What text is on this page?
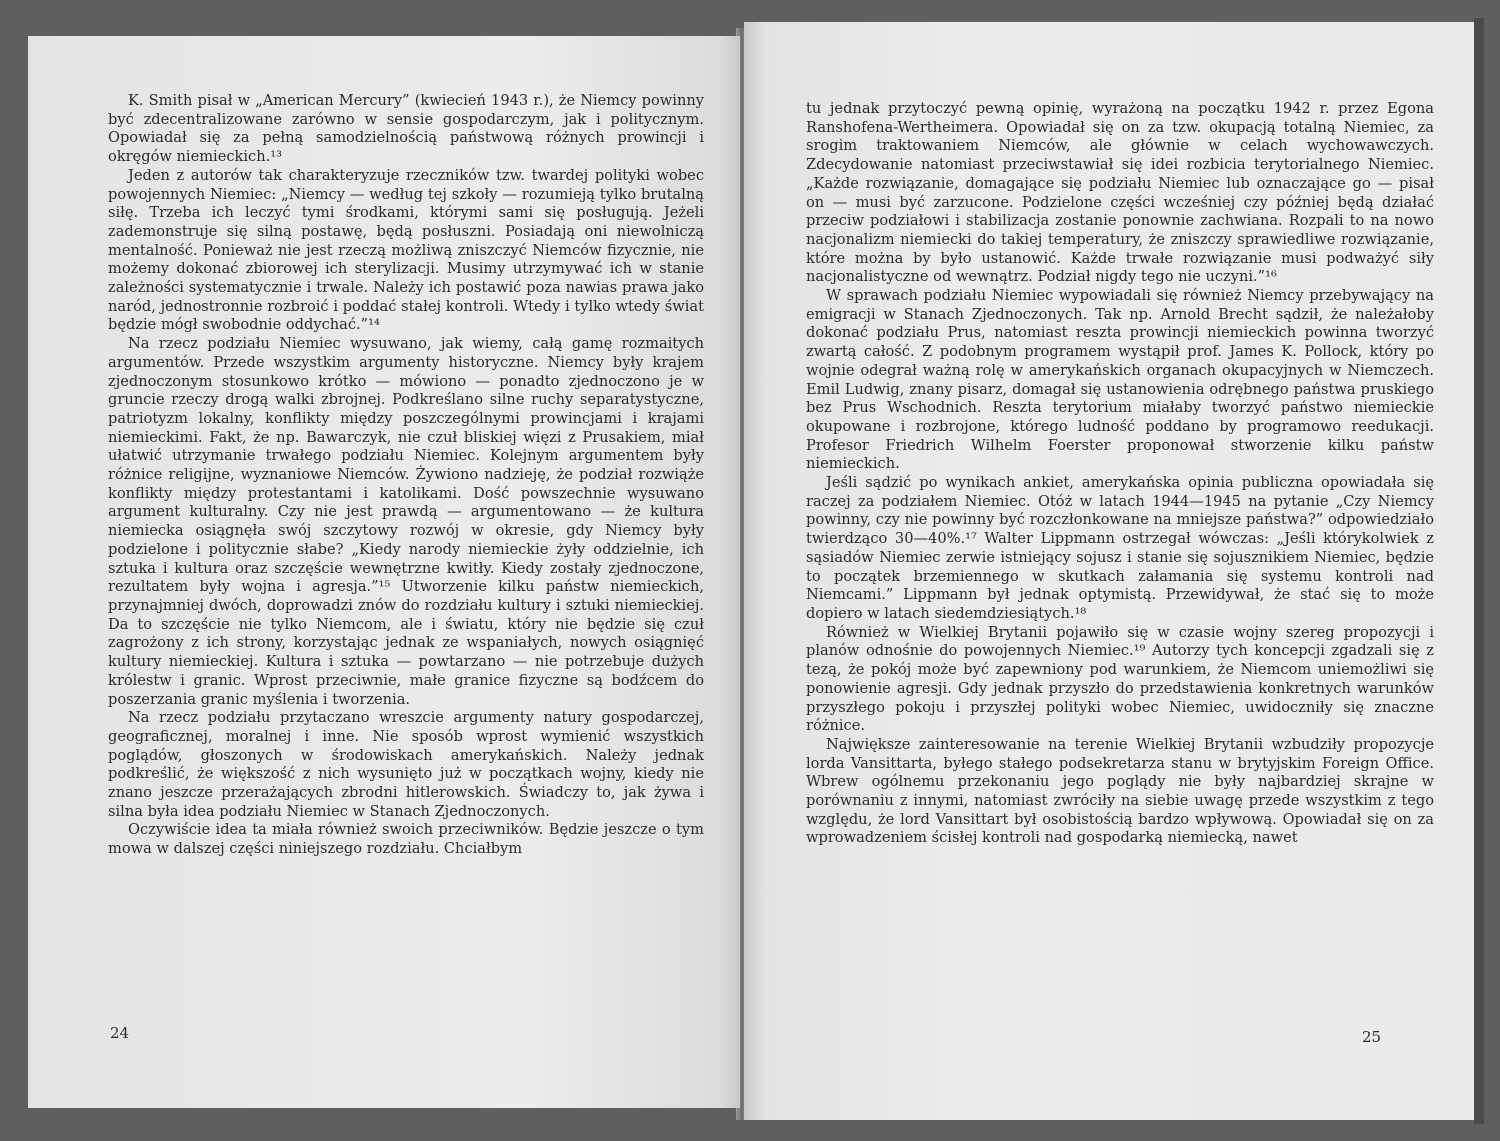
K. Smith pisał w „American Mercury” (kwiecień 1943 r.), że Niemcy powinny być zdecentralizowane zarówno w sensie gospodarczym, jak i politycznym. Opowiadał się za pełną samodzielnością państwową różnych prowincji i okręgów niemieckich.¹³

Jeden z autorów tak charakteryzuje rzeczników tzw. twardej polityki wobec powojennych Niemiec: „Niemcy — według tej szkoły — rozumieją tylko brutalną siłę. Trzeba ich leczyć tymi środkami, którymi sami się posługują. Jeżeli zademonstruje się silną postawę, będą posłuszni. Posiadają oni niewolniczą mentalność. Ponieważ nie jest rzeczą możliwą zniszczyć Niemców fizycznie, nie możemy dokonać zbiorowej ich sterylizacji. Musimy utrzymywać ich w stanie zależności systematycznie i trwale. Należy ich postawić poza nawias prawa jako naród, jednostronnie rozbroić i poddać stałej kontroli. Wtedy i tylko wtedy świat będzie mógł swobodnie oddychać.”¹⁴

Na rzecz podziału Niemiec wysuwano, jak wiemy, całą gamę rozmaitych argumentów. Przede wszystkim argumenty historyczne. Niemcy były krajem zjednoczonym stosunkowo krótko — mówiono — ponadto zjednoczono je w gruncie rzeczy drogą walki zbrojnej. Podkreślano silne ruchy separatystyczne, patriotyzm lokalny, konflikty między poszczególnymi prowincjami i krajami niemieckimi. Fakt, że np. Bawarczyk, nie czuł bliskiej więzi z Prusakiem, miał ułatwić utrzymanie trwałego podziału Niemiec. Kolejnym argumentem były różnice religijne, wyznaniowe Niemców. Żywiono nadzieję, że podział rozwiąże konflikty między protestantami i katolikami. Dość powszechnie wysuwano argument kulturalny. Czy nie jest prawdą — argumentowano — że kultura niemiecka osiągnęła swój szczytowy rozwój w okresie, gdy Niemcy były podzielone i politycznie słabe? „Kiedy narody niemieckie żyły oddzielnie, ich sztuka i kultura oraz szczęście wewnętrzne kwitły. Kiedy zostały zjednoczone, rezultatem były wojna i agresja.”¹⁵ Utworzenie kilku państw niemieckich, przynajmniej dwóch, doprowadzi znów do rozdziału kultury i sztuki niemieckiej. Da to szczęście nie tylko Niemcom, ale i światu, który nie będzie się czuł zagrożony z ich strony, korzystając jednak ze wspaniałych, nowych osiągnięć kultury niemieckiej. Kultura i sztuka — powtarzano — nie potrzebuje dużych królestw i granic. Wprost przeciwnie, małe granice fizyczne są bodźcem do poszerzania granic myślenia i tworzenia.

Na rzecz podziału przytaczano wreszcie argumenty natury gospodarczej, geograficznej, moralnej i inne. Nie sposób wprost wymienić wszystkich poglądów, głoszonych w środowiskach amerykańskich. Należy jednak podkreślić, że większość z nich wysunięto już w początkach wojny, kiedy nie znano jeszcze przerażających zbrodni hitlerowskich. Świadczy to, jak żywa i silna była idea podziału Niemiec w Stanach Zjednoczonych.

Oczywiście idea ta miała również swoich przeciwników. Będzie jeszcze o tym mowa w dalszej części niniejszego rozdziału. Chciałbym

24

tu jednak przytoczyć pewną opinię, wyrażoną na początku 1942 r. przez Egona Ranshofena-Wertheimera. Opowiadał się on za tzw. okupacją totalną Niemiec, za srogim traktowaniem Niemców, ale głównie w celach wychowawczych. Zdecydowanie natomiast przeciwstawiał się idei rozbicia terytorialnego Niemiec. „Każde rozwiązanie, domagające się podziału Niemiec lub oznaczające go — pisał on — musi być zarzucone. Podzielone części wcześniej czy później będą działać przeciw podziałowi i stabilizacja zostanie ponownie zachwiana. Rozpali to na nowo nacjonalizm niemiecki do takiej temperatury, że zniszczy sprawiedliwe rozwiązanie, które można by było ustanowić. Każde trwałe rozwiązanie musi podważyć siły nacjonalistyczne od wewnątrz. Podział nigdy tego nie uczyni.”¹⁶

W sprawach podziału Niemiec wypowiadali się również Niemcy przebywający na emigracji w Stanach Zjednoczonych. Tak np. Arnold Brecht sądził, że należałoby dokonać podziału Prus, natomiast reszta prowincji niemieckich powinna tworzyć zwartą całość. Z podobnym programem wystąpił prof. James K. Pollock, który po wojnie odegrał ważną rolę w amerykańskich organach okupacyjnych w Niemczech. Emil Ludwig, znany pisarz, domagał się ustanowienia odrębnego państwa pruskiego bez Prus Wschodnich. Reszta terytorium miałaby tworzyć państwo niemieckie okupowane i rozbrojone, którego ludność poddano by programowo reedukacji. Profesor Friedrich Wilhelm Foerster proponował stworzenie kilku państw niemieckich.

Jeśli sądzić po wynikach ankiet, amerykańska opinia publiczna opowiadała się raczej za podziałem Niemiec. Otóż w latach 1944—1945 na pytanie „Czy Niemcy powinny, czy nie powinny być rozczłonkowane na mniejsze państwa?” odpowiedziało twierdząco 30—40%.¹⁷ Walter Lippmann ostrzegał wówczas: „Jeśli którykolwiek z sąsiadów Niemiec zerwie istniejący sojusz i stanie się sojusznikiem Niemiec, będzie to początek brzemiennego w skutkach załamania się systemu kontroli nad Niemcami.” Lippmann był jednak optymistą. Przewidywał, że stać się to może dopiero w latach siedemdziesiątych.¹⁸

Również w Wielkiej Brytanii pojawiło się w czasie wojny szereg propozycji i planów odnośnie do powojennych Niemiec.¹⁹ Autorzy tych koncepcji zgadzali się z tezą, że pokój może być zapewniony pod warunkiem, że Niemcom uniemożliwi się ponowienie agresji. Gdy jednak przyszło do przedstawienia konkretnych warunków przyszłego pokoju i przyszłej polityki wobec Niemiec, uwidoczniły się znaczne różnice.

Największe zainteresowanie na terenie Wielkiej Brytanii wzbudziły propozycje lorda Vansittarta, byłego stałego podsekretarza stanu w brytyjskim Foreign Office. Wbrew ogólnemu przekonaniu jego poglądy nie były najbardziej skrajne w porównaniu z innymi, natomiast zwróciły na siebie uwagę przede wszystkim z tego względu, że lord Vansittart był osobistością bardzo wpływową. Opowiadał się on za wprowadzeniem ścisłej kontroli nad gospodarką niemiecką, nawet

25
